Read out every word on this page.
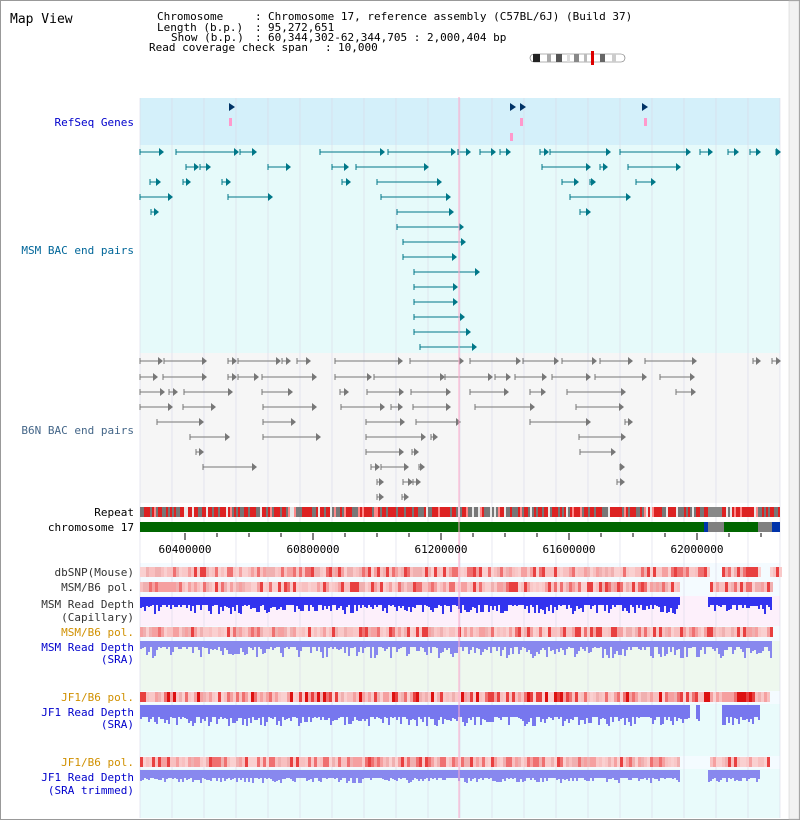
Map View	Chromosome	: Chromosome 17, reference assembly (C57BL/6J) (Build 37)
Length (b.p.) : 95,272,651
Show (b.p.) : 60,344,302-62,344,705 : 2,000,404 bp
Read coverage check span : 10,000
RefSeq Genes
MSM BAC end pairs
B6N BAC end pairs
Repeat
chromosome 17
dbSNP(Mouse)
MSM/B6 pol.
MSM Read Depth
(Capillary)
MSM/B6 pol.
MSM Read Depth
(SRA)
JF1/B6 pol.
JF1 Read Depth
(SRA)
JF1/B6 pol.
JF1 Read Depth
(SRA trimmed)
60400000	60800000	61200000	61600000	62000000
